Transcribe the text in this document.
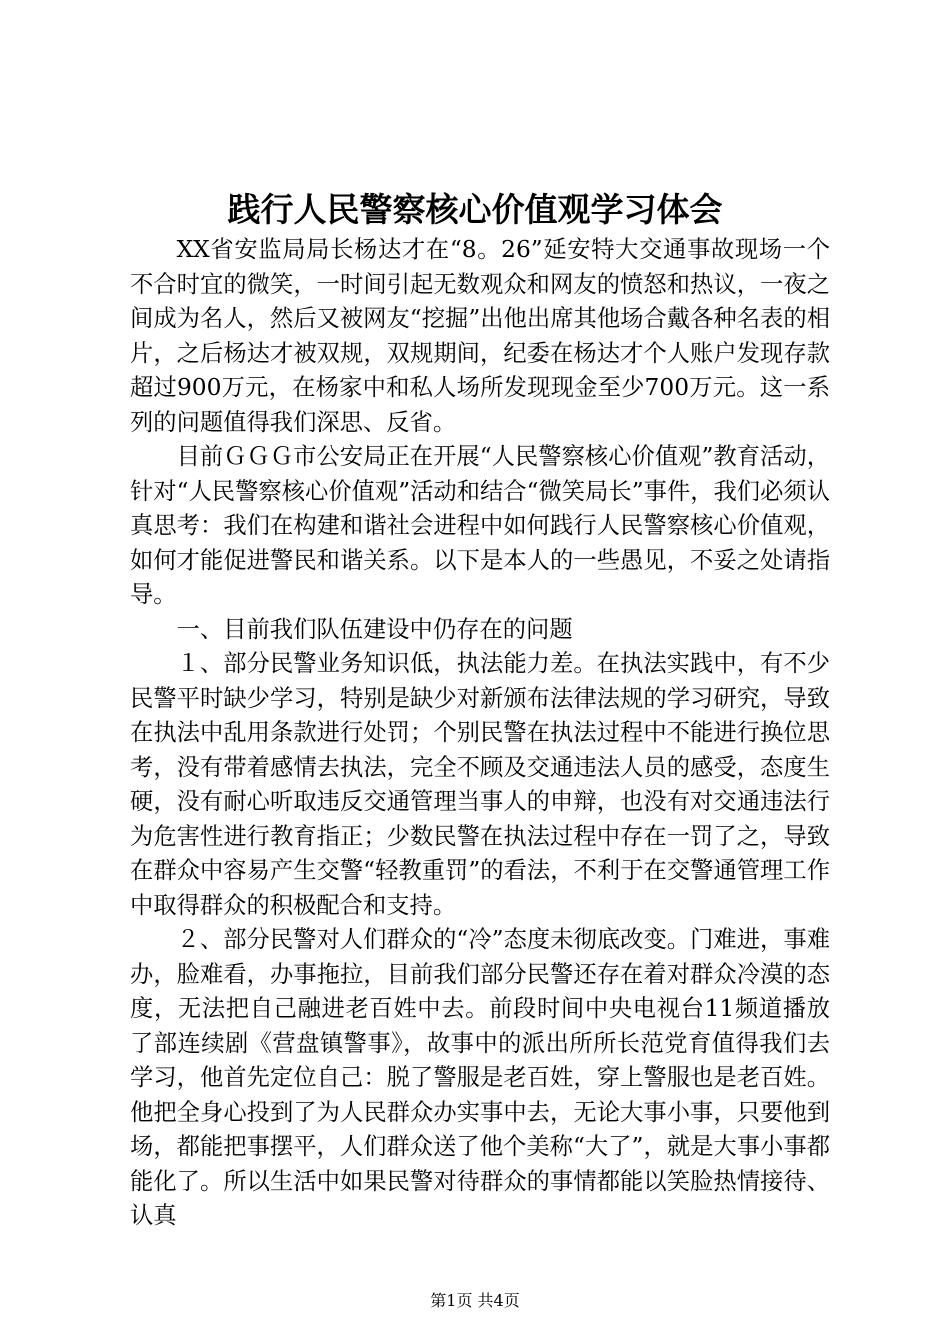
践行人民警察核心价值观学习体会

XX省安监局局长杨达才在“8。26”延安特大交通事故现场一个不合时宜的微笑，一时间引起无数观众和网友的愤怒和热议，一夜之间成为名人，然后又被网友“挖掘”出他出席其他场合戴各种名表的相片，之后杨达才被双规，双规期间，纪委在杨达才个人账户发现存款超过900万元，在杨家中和私人场所发现现金至少700万元。这一系列的问题值得我们深思、反省。

目前ＧＧＧ市公安局正在开展“人民警察核心价值观”教育活动，针对“人民警察核心价值观”活动和结合“微笑局长”事件，我们必须认真思考：我们在构建和谐社会进程中如何践行人民警察核心价值观，如何才能促进警民和谐关系。以下是本人的一些愚见，不妥之处请指导。

一、目前我们队伍建设中仍存在的问题

１、部分民警业务知识低，执法能力差。在执法实践中，有不少民警平时缺少学习，特别是缺少对新颁布法律法规的学习研究，导致在执法中乱用条款进行处罚；个别民警在执法过程中不能进行换位思考，没有带着感情去执法，完全不顾及交通违法人员的感受，态度生硬，没有耐心听取违反交通管理当事人的申辩，也没有对交通违法行为危害性进行教育指正；少数民警在执法过程中存在一罚了之，导致在群众中容易产生交警“轻教重罚”的看法，不利于在交警通管理工作中取得群众的积极配合和支持。

２、部分民警对人们群众的“冷”态度未彻底改变。门难进，事难办，脸难看，办事拖拉，目前我们部分民警还存在着对群众冷漠的态度，无法把自己融进老百姓中去。前段时间中央电视台11频道播放了部连续剧《营盘镇警事》，故事中的派出所所长范党育值得我们去学习，他首先定位自己：脱了警服是老百姓，穿上警服也是老百姓。他把全身心投到了为人民群众办实事中去，无论大事小事，只要他到场，都能把事摆平，人们群众送了他个美称“大了”，就是大事小事都能化了。所以生活中如果民警对待群众的事情都能以笑脸热情接待、认真

第1页 共4页
